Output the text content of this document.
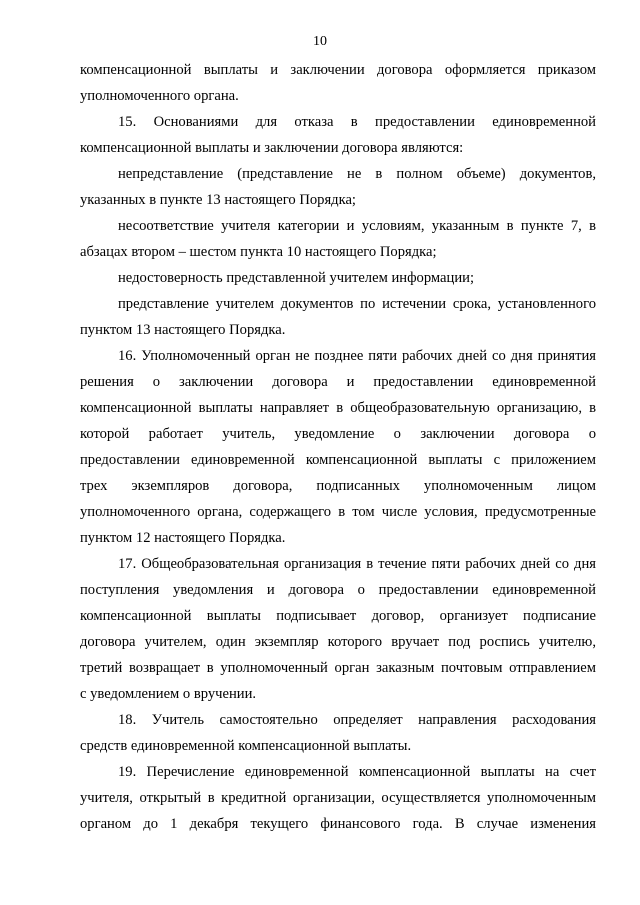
10
компенсационной выплаты и заключении договора оформляется приказом
уполномоченного органа.
15. Основаниями для отказа в предоставлении единовременной
компенсационной выплаты и заключении договора являются:
непредставление (представление не в полном объеме) документов,
указанных в пункте 13 настоящего Порядка;
несоответствие учителя категории и условиям, указанным в пункте 7, в
абзацах втором – шестом пункта 10 настоящего Порядка;
недостоверность представленной учителем информации;
представление учителем документов по истечении срока, установленного
пунктом 13 настоящего Порядка.
16. Уполномоченный орган не позднее пяти рабочих дней со дня принятия
решения о заключении договора и предоставлении единовременной
компенсационной выплаты направляет в общеобразовательную организацию, в
которой работает учитель, уведомление о заключении договора о
предоставлении единовременной компенсационной выплаты с приложением
трех экземпляров договора, подписанных уполномоченным лицом
уполномоченного органа, содержащего в том числе условия, предусмотренные
пунктом 12 настоящего Порядка.
17. Общеобразовательная организация в течение пяти рабочих дней со дня
поступления уведомления и договора о предоставлении единовременной
компенсационной выплаты подписывает договор, организует подписание
договора учителем, один экземпляр которого вручает под роспись учителю,
третий возвращает в уполномоченный орган заказным почтовым отправлением
с уведомлением о вручении.
18. Учитель самостоятельно определяет направления расходования
средств единовременной компенсационной выплаты.
19. Перечисление единовременной компенсационной выплаты на счет
учителя, открытый в кредитной организации, осуществляется уполномоченным
органом до 1 декабря текущего финансового года. В случае изменения
